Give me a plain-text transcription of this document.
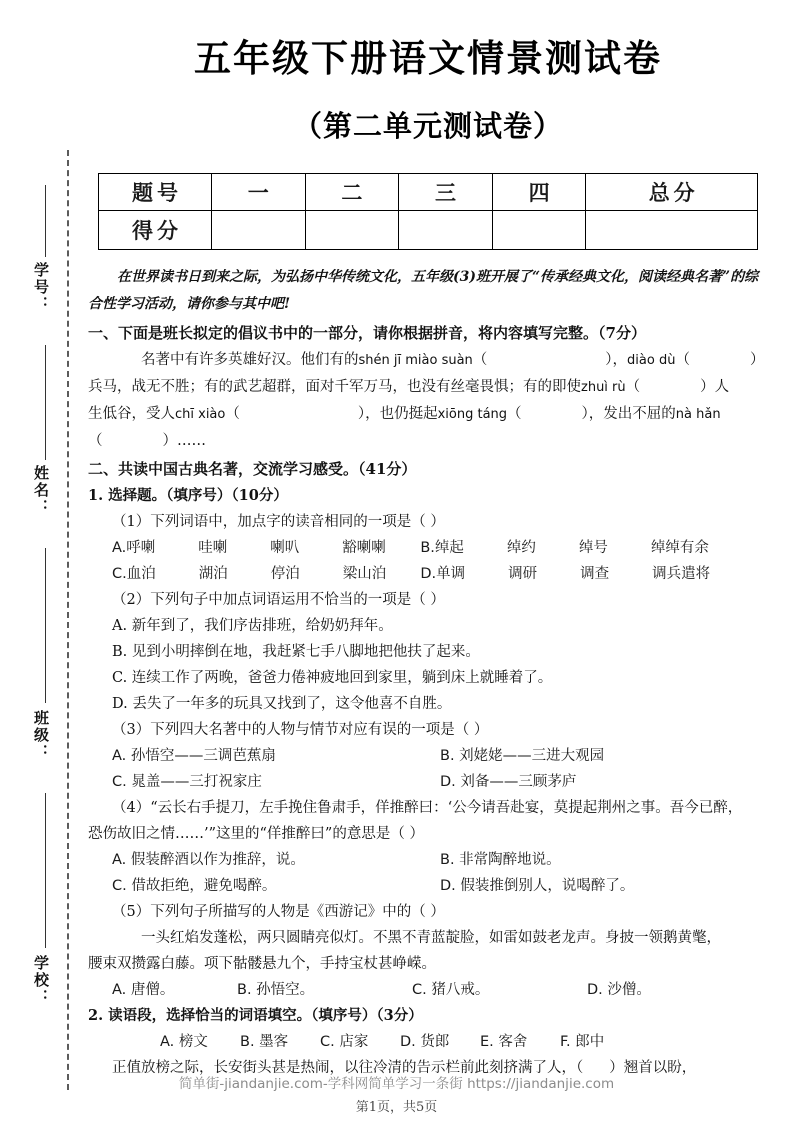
学号：
姓名：
班级：
学校：
五年级下册语文情景测试卷
（第二单元测试卷）
题号	一	二	三	四	总分
得分					

在世界读书日到来之际，为弘扬中华传统文化，五年级(3)班开展了“传承经典文化，阅读经典名著”的综合性学习活动，请你参与其中吧!

一、下面是班长拟定的倡议书中的一部分，请你根据拼音，将内容填写完整。（7分）

名著中有许多英雄好汉。他们有的shén jī miào suàn（	），diào dù（	）

兵马，战无不胜；有的武艺超群，面对千军万马，也没有丝毫畏惧；有的即使zhuì rù（	）人

生低谷，受人chī xiào（	），也仍挺起xiōng táng（	），发出不屈的nà hǎn

（	）……

二、共读中国古典名著，交流学习感受。（41分）

1. 选择题。（填序号）（10分）

（1）下列词语中，加点字的读音相同的一项是（ ）

A. 呼喇	哇喇	喇叭	豁喇喇	B. 绰起	绰约	绰号	绰绰有余
C. 血泊	湖泊	停泊	梁山泊	D. 单调	调研	调查	调兵遣将

（2）下列句子中加点词语运用不恰当的一项是（ ）

A. 新年到了，我们序齿排班，给奶奶拜年。

B. 见到小明摔倒在地，我赶紧七手八脚地把他扶了起来。

C. 连续工作了两晚，爸爸力倦神疲地回到家里，躺到床上就睡着了。

D. 丢失了一年多的玩具又找到了，这令他喜不自胜。

（3）下列四大名著中的人物与情节对应有误的一项是（ ）

A. 孙悟空——三调芭蕉扇	B. 刘姥姥——三进大观园
C. 晁盖——三打祝家庄	D. 刘备——三顾茅庐

（4）“云长右手提刀，左手挽住鲁肃手，佯推醉曰：‘公今请吾赴宴，莫提起荆州之事。吾今已醉，

恐伤故旧之情……’”这里的“佯推醉曰”的意思是（ ）

A. 假装醉酒以作为推辞，说。	B. 非常陶醉地说。
C. 借故拒绝，避免喝醉。	D. 假装推倒别人，说喝醉了。

（5）下列句子所描写的人物是《西游记》中的（ ）

一头红焰发蓬松，两只圆睛亮似灯。不黑不青蓝靛脸，如雷如鼓老龙声。身披一领鹅黄氅，

腰束双攒露白藤。项下骷髅悬九个，手持宝杖甚峥嵘。

A. 唐僧。	B. 孙悟空。	C. 猪八戒。	D. 沙僧。

2. 读语段，选择恰当的词语填空。（填序号）（3分）

A. 榜文	B. 墨客	C. 店家	D. 货郎	E. 客舍	F. 郎中

正值放榜之际，长安街头甚是热闹，以往冷清的告示栏前此刻挤满了人，（ ）翘首以盼，

简单街-jiandanjie.com-学科网简单学习一条街 https://jiandanjie.com
第1页，共5页
